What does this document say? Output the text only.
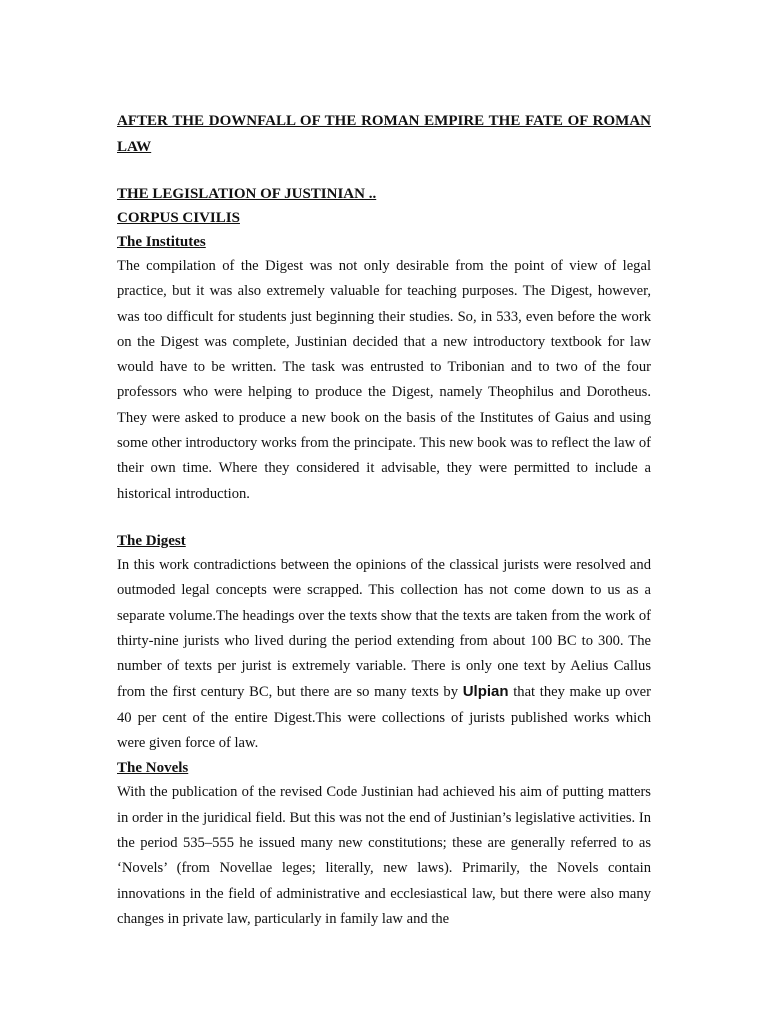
AFTER THE DOWNFALL OF THE ROMAN EMPIRE THE FATE OF ROMAN LAW
THE LEGISLATION OF JUSTINIAN ..
CORPUS CIVILIS
The Institutes

The compilation of the Digest was not only desirable from the point of view of legal practice, but it was also extremely valuable for teaching purposes. The Digest, however, was too difficult for students just beginning their studies. So, in 533, even before the work on the Digest was complete, Justinian decided that a new introductory textbook for law would have to be written. The task was entrusted to Tribonian and to two of the four professors who were helping to produce the Digest, namely Theophilus and Dorotheus. They were asked to produce a new book on the basis of the Institutes of Gaius and using some other introductory works from the principate. This new book was to reflect the law of their own time. Where they considered it advisable, they were permitted to include a historical introduction.

The Digest

In this work contradictions between the opinions of the classical jurists were resolved and outmoded legal concepts were scrapped. This collection has not come down to us as a separate volume.The headings over the texts show that the texts are taken from the work of thirty-nine jurists who lived during the period extending from about 100 BC to 300. The number of texts per jurist is extremely variable. There is only one text by Aelius Callus from the first century BC, but there are so many texts by Ulpian that they make up over 40 per cent of the entire Digest.This were collections of jurists published works which were given force of law.

The Novels

With the publication of the revised Code Justinian had achieved his aim of putting matters in order in the juridical field. But this was not the end of Justinian’s legislative activities. In the period 535–555 he issued many new constitutions; these are generally referred to as ‘Novels’ (from Novellae leges; literally, new laws). Primarily, the Novels contain innovations in the field of administrative and ecclesiastical law, but there were also many changes in private law, particularly in family law and the
